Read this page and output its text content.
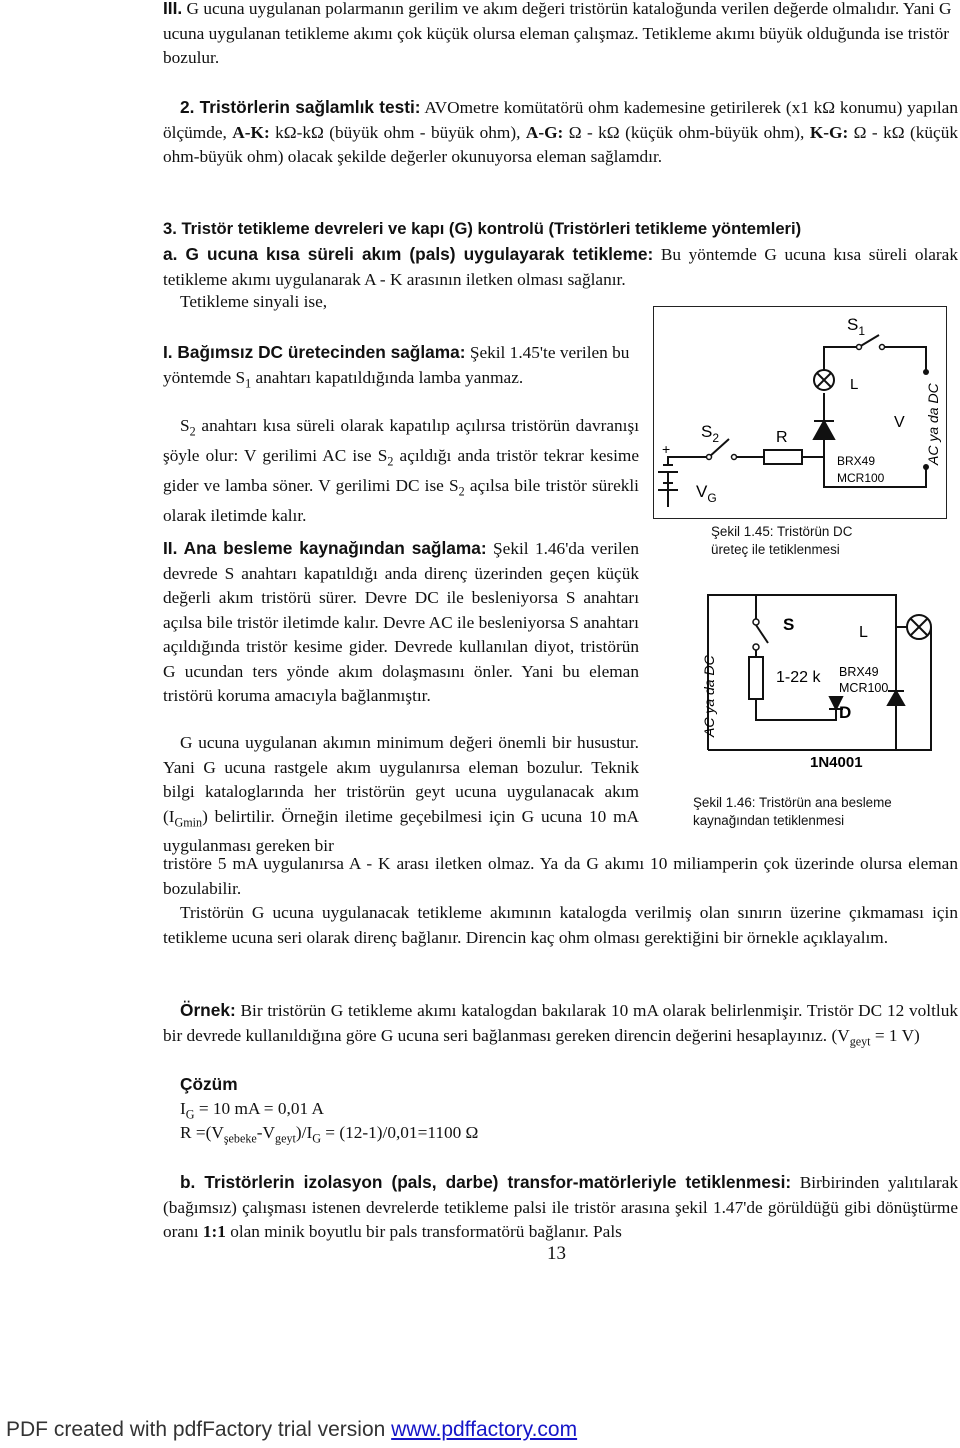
III. G ucuna uygulanan polarmanın gerilim ve akım değeri tristörün kataloğunda verilen değerde olmalıdır. Yani G ucuna uygulanan tetikleme akımı çok küçük olursa eleman çalışmaz. Tetikleme akımı büyük olduğunda ise tristör bozulur.

2. Tristörlerin sağlamlık testi: AVOmetre komütatörü ohm kademesine getirilerek (x1 kΩ konumu) yapılan ölçümde, A-K: kΩ-kΩ (büyük ohm - büyük ohm), A-G: Ω - kΩ (küçük ohm-büyük ohm), K-G: Ω - kΩ (küçük ohm-büyük ohm) olacak şekilde değerler okunuyorsa eleman sağlamdır.

3. Tristör tetikleme devreleri ve kapı (G) kontrolü (Tristörleri tetikleme yöntemleri)

a. G ucuna kısa süreli akım (pals) uygulayarak tetikleme: Bu yöntemde G ucuna kısa süreli olarak tetikleme akımı uygulanarak A - K arasının iletken olması sağlanır.

Tetikleme sinyali ise,

I. Bağımsız DC üretecinden sağlama: Şekil 1.45'te verilen bu yöntemde $S_1$ anahtarı kapatıldığında lamba yanmaz.

$S_2$ anahtarı kısa süreli olarak kapatılıp açılırsa tristörün davranışı şöyle olur: V gerilimi AC ise $S_2$ açıldığı anda tristör tekrar kesime gider ve lamba söner. V gerilimi DC ise $S_2$ açılsa bile tristör sürekli olarak iletimde kalır.

II. Ana besleme kaynağından sağlama: Şekil 1.46'da verilen devrede S anahtarı kapatıldığı anda direnç üzerinden geçen küçük değerli akım tristörü sürer. Devre DC ile besleniyorsa S anahtarı açılsa bile tristör iletimde kalır. Devre AC ile besleniyorsa S anahtarı açıldığında tristör kesime gider. Devrede kullanılan diyot, tristörün G ucundan ters yönde akım dolaşmasını önler. Yani bu eleman tristörü koruma amacıyla bağlanmıştır.

G ucuna uygulanan akımın minimum değeri önemli bir husustur. Yani G ucuna rastgele akım uygulanırsa eleman bozulur. Teknik bilgi kataloglarında her tristörün geyt ucuna uygulanacak akım $(I_{Gmin})$ belirtilir. Örneğin iletime geçebilmesi için G ucuna 10 mA uygulanması gereken bir

tristöre 5 mA uygulanırsa A - K arası iletken olmaz. Ya da G akımı 10 miliamperin çok üzerinde olursa eleman bozulabilir.

Tristörün G ucuna uygulanacak tetikleme akımının katalogda verilmiş olan sınırın üzerine çıkmaması için tetikleme ucuna seri olarak direnç bağlanır. Direncin kaç ohm olması gerektiğini bir örnekle açıklayalım.

Örnek: Bir tristörün G tetikleme akımı katalogdan bakılarak 10 mA olarak belirlenmişir. Tristör DC 12 voltluk bir devrede kullanıldığına göre G ucuna seri bağlanması gereken direncin değerini hesaplayınız. ($V_{geyt} = 1$ V)

Çözüm
$I_G = 10$ mA = 0,01 A
$R =(V_{şebeke}-V_{geyt})/I_G = (12-1)/0,01=1100$ Ω

b. Tristörlerin izolasyon (pals, darbe) transfor-matörleriyle tetiklenmesi: Birbirinden yalıtılarak (bağımsız) çalışması istenen devrelerde tetikleme palsi ile tristör arasına şekil 1.47'de görüldüğü gibi dönüştürme oranı 1:1 olan minik boyutlu bir pals transformatörü bağlanır. Pals

13
+
$S_1$
$S_2$
$V_G$
R
L
V
BRX49
MCR100
AC ya da DC
Şekil 1.45: Tristörün DC
üreteç ile tetiklenmesi
S	L
1-22 k BRX49
MCR100
D
1N4001
AC ya da DC
Şekil 1.46: Tristörün ana besleme
kaynağından tetiklenmesi
PDF created with pdfFactory trial version www.pdffactory.com
